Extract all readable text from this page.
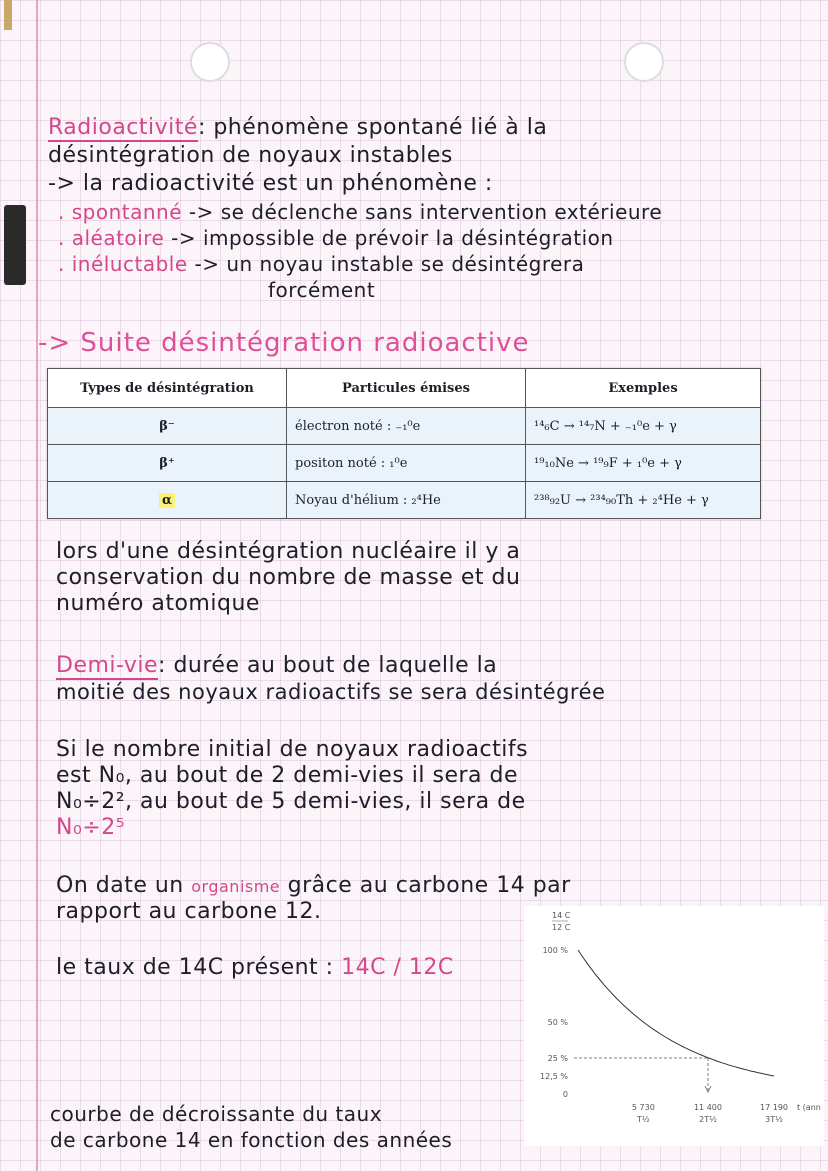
Radioactivité: phénomène spontané lié à la
désintégration de noyaux instables
-> la radioactivité est un phénomène :
. spontanné -> se déclenche sans intervention extérieure
. aléatoire -> impossible de prévoir la désintégration
. inéluctable -> un noyau instable se désintégrera
forcément
-> Suite désintégration radioactive
Types de désintégration	Particules émises	Exemples
β⁻	électron noté : ₋₁⁰e	¹⁴₆C → ¹⁴₇N + ₋₁⁰e + γ
β⁺	positon noté : ₁⁰e	¹⁹₁₀Ne → ¹⁹₉F + ₁⁰e + γ
α	Noyau d'hélium : ₂⁴He	²³⁸₉₂U → ²³⁴₉₀Th + ₂⁴He + γ
lors d'une désintégration nucléaire il y a
conservation du nombre de masse et du
numéro atomique
Demi-vie: durée au bout de laquelle la
moitié des noyaux radioactifs se sera désintégrée
Si le nombre initial de noyaux radioactifs
est N₀, au bout de 2 demi-vies il sera de
N₀÷2², au bout de 5 demi-vies, il sera de
N₀÷2⁵
On date un organisme grâce au carbone 14 par
rapport au carbone 12.
le taux de 14C présent : 14C / 12C
courbe de décroissante du taux
de carbone 14 en fonction des années
14 C
12 C
100 %
50 %
25 %
12,5 %
0
5 730
T½
11 400
2T½
17 190
3T½
t (ann
